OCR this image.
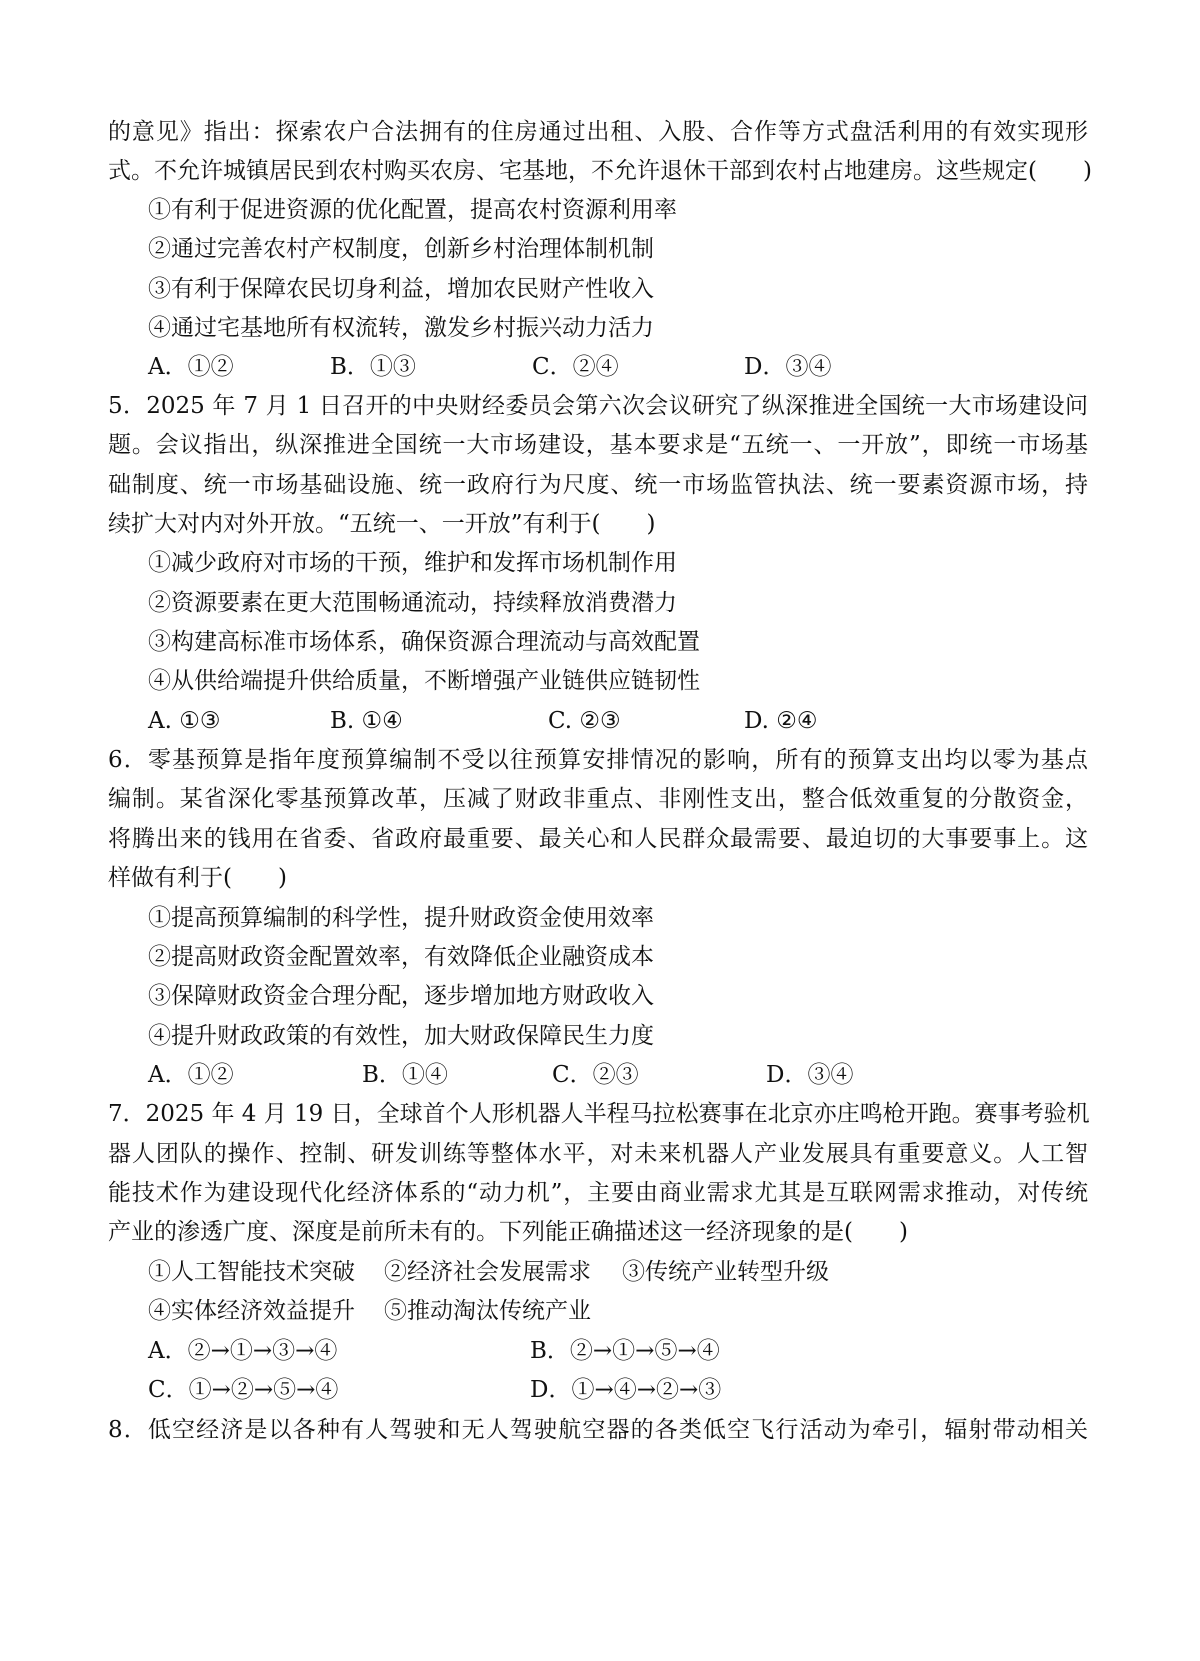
的意见》指出：探索农户合法拥有的住房通过出租、入股、合作等方式盘活利用的有效实现形
式。不允许城镇居民到农村购买农房、宅基地，不允许退休干部到农村占地建房。这些规定(　　)
①有利于促进资源的优化配置，提高农村资源利用率
②通过完善农村产权制度，创新乡村治理体制机制
③有利于保障农民切身利益，增加农民财产性收入
④通过宅基地所有权流转，激发乡村振兴动力活力
A．①②	B．①③	C．②④	D．③④
5．2025 年 7 月 1 日召开的中央财经委员会第六次会议研究了纵深推进全国统一大市场建设问
题。会议指出，纵深推进全国统一大市场建设，基本要求是“五统一、一开放”，即统一市场基
础制度、统一市场基础设施、统一政府行为尺度、统一市场监管执法、统一要素资源市场，持
续扩大对内对外开放。“五统一、一开放”有利于(　　)
①减少政府对市场的干预，维护和发挥市场机制作用
②资源要素在更大范围畅通流动，持续释放消费潜力
③构建高标准市场体系，确保资源合理流动与高效配置
④从供给端提升供给质量，不断增强产业链供应链韧性
A. ①③	B. ①④	C. ②③	D. ②④
6．零基预算是指年度预算编制不受以往预算安排情况的影响，所有的预算支出均以零为基点
编制。某省深化零基预算改革，压减了财政非重点、非刚性支出，整合低效重复的分散资金，
将腾出来的钱用在省委、省政府最重要、最关心和人民群众最需要、最迫切的大事要事上。这
样做有利于(　　)
①提高预算编制的科学性，提升财政资金使用效率
②提高财政资金配置效率，有效降低企业融资成本
③保障财政资金合理分配，逐步增加地方财政收入
④提升财政政策的有效性，加大财政保障民生力度
A．①②	B．①④	C．②③	D．③④
7．2025 年 4 月 19 日，全球首个人形机器人半程马拉松赛事在北京亦庄鸣枪开跑。赛事考验机
器人团队的操作、控制、研发训练等整体水平，对未来机器人产业发展具有重要意义。人工智
能技术作为建设现代化经济体系的“动力机”，主要由商业需求尤其是互联网需求推动，对传统
产业的渗透广度、深度是前所未有的。下列能正确描述这一经济现象的是(　　)
①人工智能技术突破 ②经济社会发展需求 ③传统产业转型升级
④实体经济效益提升 ⑤推动淘汰传统产业
A．②→①→③→④	B．②→①→⑤→④
C．①→②→⑤→④	D．①→④→②→③
8．低空经济是以各种有人驾驶和无人驾驶航空器的各类低空飞行活动为牵引，辐射带动相关
